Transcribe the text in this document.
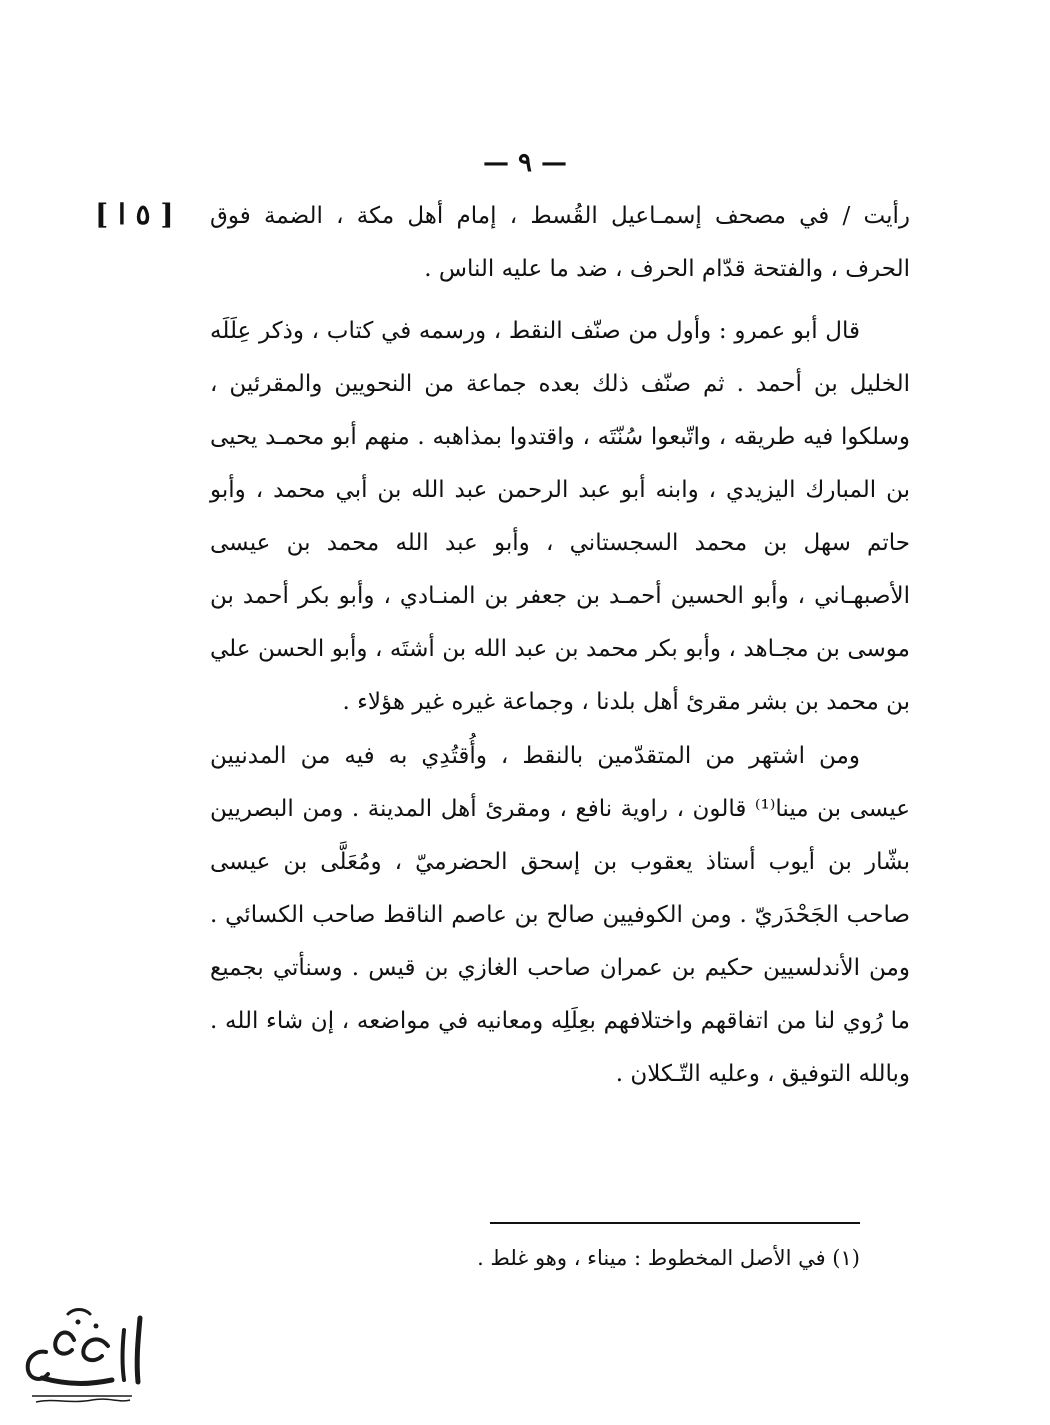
— ٩ —
[ ٥ ا ] رأيت / في مصحف إسمـاعيل القُسط ، إمام أهل مكة ، الضمة فوق الحرف ، والفتحة قدّام الحرف ، ضد ما عليه الناس .

قال أبو عمرو : وأول من صنّف النقط ، ورسمه في كتاب ، وذكر عِلَلَه الخليل بن أحمد . ثم صنّف ذلك بعده جماعة من النحويين والمقرئين ، وسلكوا فيه طريقه ، واتّبعوا سُنّتَه ، واقتدوا بمذاهبه . منهم أبو محمـد يحيى بن المبارك اليزيدي ، وابنه أبو عبد الرحمن عبد الله بن أبي محمد ، وأبو حاتم سهل بن محمد السجستاني ، وأبو عبد الله محمد بن عيسى الأصبهـاني ، وأبو الحسين أحمـد بن جعفر بن المنـادي ، وأبو بكر أحمد بن موسى بن مجـاهد ، وأبو بكر محمد بن عبد الله بن أشتَه ، وأبو الحسن علي بن محمد بن بشر مقرئ أهل بلدنا ، وجماعة غيره غير هؤلاء .

ومن اشتهر من المتقدّمين بالنقط ، وأُقتُدِي به فيه من المدنيين عيسى بن مينا⁽¹⁾ قالون ، راوية نافع ، ومقرئ أهل المدينة . ومن البصريين بشّار بن أيوب أستاذ يعقوب بن إسحق الحضرميّ ، ومُعَلَّى بن عيسى صاحب الجَحْدَريّ . ومن الكوفيين صالح بن عاصم الناقط صاحب الكسائي . ومن الأندلسيين حكيم بن عمران صاحب الغازي بن قيس . وسنأتي بجميع ما رُوي لنا من اتفاقهم واختلافهم بعِلَلِه ومعانيه في مواضعه ، إن شاء الله . وبالله التوفيق ، وعليه التّـكلان .

(١) في الأصل المخطوط : ميناء ، وهو غلط .
